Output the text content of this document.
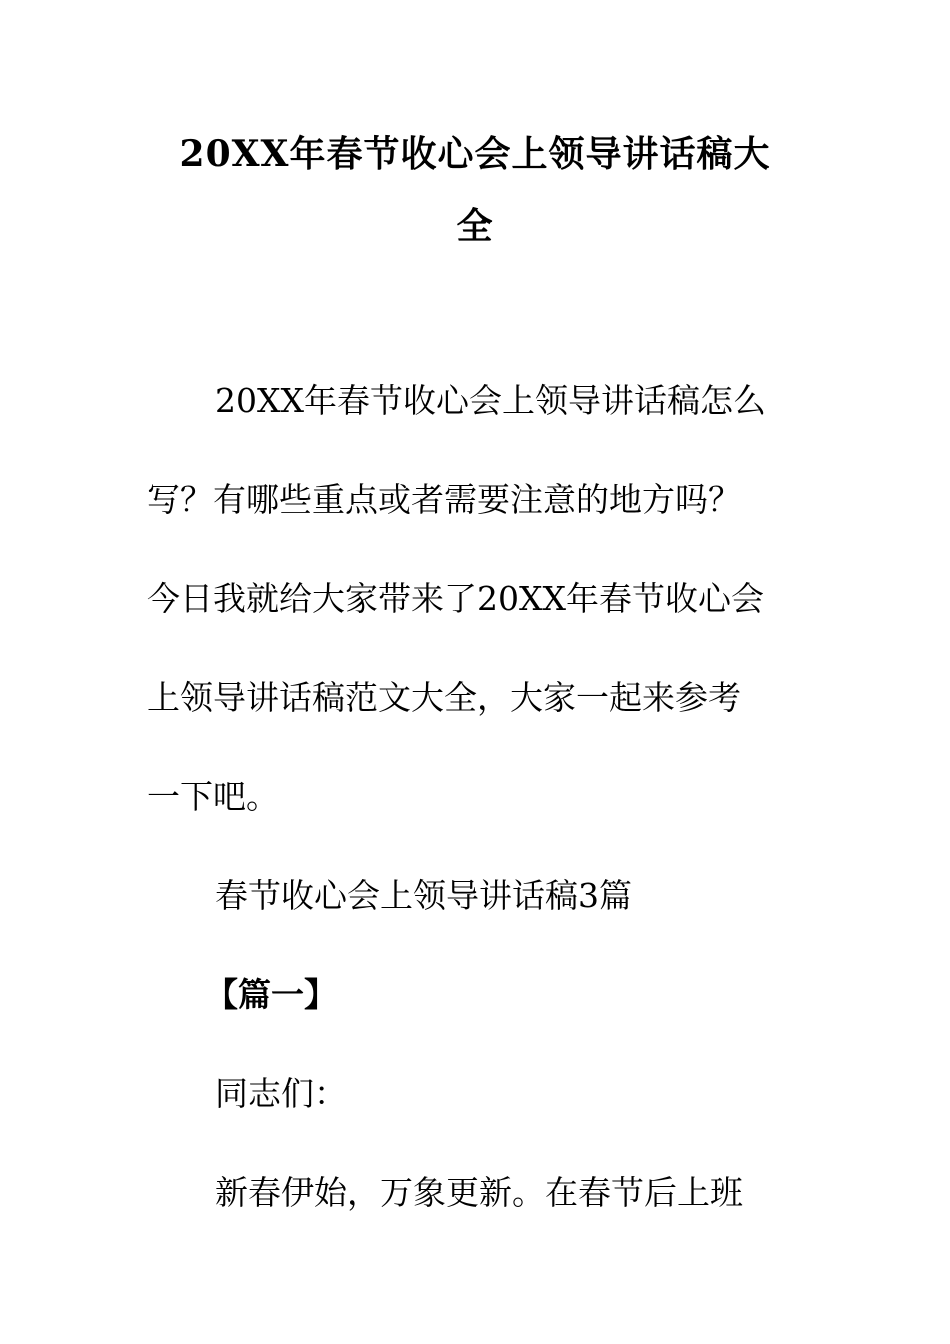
20XX年春节收心会上领导讲话稿大
全

20XX年春节收心会上领导讲话稿怎么

写？有哪些重点或者需要注意的地方吗？

今日我就给大家带来了20XX年春节收心会

上领导讲话稿范文大全，大家一起来参考

一下吧。

春节收心会上领导讲话稿3篇

【篇一】

同志们：

新春伊始，万象更新。在春节后上班
